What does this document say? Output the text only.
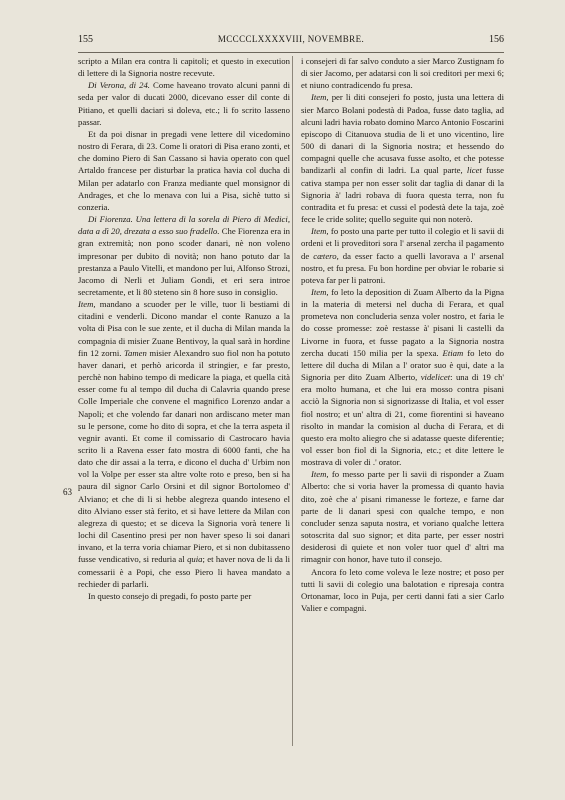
155	MCCCCLXXXXVIII, NOVEMBRE.	156
63

scripto a Milan era contra li capitoli; et questo in execution di lettere di la Signoria nostre recevute.

Di Verona, di 24. Come haveano trovato alcuni panni di seda per valor di ducati 2000, dicevano esser dil conte di Pitiano, et quelli daciari si doleva, etc.; li fo scrito lasseno passar.

Et da poi disnar in pregadi vene lettere dil vicedomino nostro di Ferara, di 23. Come li oratori di Pisa erano zonti, et che domino Piero di San Cassano si havia operato con quel Artaldo francese per disturbar la pratica havia col ducha di Milan per adatarlo con Franza mediante quel monsignor di Andrages, et che lo menava con lui a Pisa, sichè tutto si conzeria.

Di Fiorenza. Una lettera di la sorela di Piero di Medici, data a dì 20, drezata a esso suo fradello. Che Fiorenza era in gran extremità; non pono scoder danari, nè non voleno impresonar per dubito di novità; non hano potuto dar la prestanza a Paulo Vitelli, et mandono per lui, Alfonso Strozi, Jacomo di Nerli et Juliam Gondi, et eri sera introe secretamente, et li 80 steteno sin 8 hore suso in consiglio.

Item, mandano a scuoder per le ville, tuor li bestiami di citadini e venderli. Dicono mandar el conte Ranuzo a la volta di Pisa con le sue zente, et il ducha di Milan manda la compagnia di misier Zuane Bentivoy, la qual sarà in hordine fin 12 zorni. Tamen misier Alexandro suo fiol non ha potuto haver danari, et perhò aricorda il stringier, e far presto, perchè non habino tempo di medicare la piaga, et quella cità esser come fu al tempo dil ducha di Calavria quando prese Colle Imperiale che convene el magnifico Lorenzo andar a Napoli; et che volendo far danari non ardiscano meter man su le persone, come ho dito di sopra, et che la terra aspeta il vegnir avanti. Et come il comissario di Castrocaro havia scrito li a Ravena esser fato mostra di 6000 fanti, che ha dato che dir assai a la terra, e dicono el ducha d' Urbim non vol la Volpe per esser sta altre volte roto e preso, ben si ha paura dil signor Carlo Orsini et dil signor Bortolomeo d' Alviano; et che di li si hebbe alegreza quando inteseno el dito Alviano esser stà ferito, et si have lettere da Milan con alegreza di questo; et se diceva la Signoria vorà tenere li lochi dil Casentino presi per non haver speso li soi danari invano, et la terra voria chiamar Piero, et si non dubitasseno fusse vendicativo, si reduria al quia; et haver nova de li da li comessarii è a Popi, che esso Piero li havea mandato a rechieder di parlarli.

In questo consejo di pregadi, fo posto parte per

i consejeri di far salvo conduto a sier Marco Zustignam fo di sier Jacomo, per adatarsi con li soi creditori per mexi 6; et niuno contradicendo fu presa.

Item, per li diti consejeri fo posto, justa una lettera di sier Marco Bolani podestà di Padoa, fusse dato taglia, ad alcuni ladri havia robato domino Marco Antonio Foscarini episcopo di Citanuova studia de li et uno vicentino, lire 500 di danari di la Signoria nostra; et hessendo do compagni quelle che acusava fusse asolto, et che potesse bandizarli al confin di ladri. La qual parte, licet fusse cativa stampa per non esser solit dar taglia di danar di la Signoria à' ladri robava di fuora questa terra, non fu contradita et fu presa: et cussi el podestà dete la taja, zoè fece le cride solite; quello seguite qui non noterò.

Item, fo posto una parte per tutto il colegio et li savii di ordeni et li proveditori sora l' arsenal zercha il pagamento de cætero, da esser facto a quelli lavorava a l' arsenal nostro, et fu presa. Fu bon hordine per obviar le robarie si poteva far per li patroni.

Item, fo leto la deposition di Zuam Alberto da la Pigna in la materia di metersi nel ducha di Ferara, et qual prometeva non concluderia senza voler nostro, et faria le do cosse promesse: zoè restasse à' pisani li castelli da Livorne in fuora, et fusse pagato a la Signoria nostra zercha ducati 150 milia per la spexa. Etiam fo leto do lettere dil ducha di Milan a l' orator suo è qui, date a la Signoria per dito Zuam Alberto, videlicet: una di 19 ch' era molto humana, et che lui era mosso contra pisani acciò la Signoria non si signorizasse di Italia, et vol esser fiol nostro; et un' altra di 21, come fiorentini si haveano risolto in mandar la comision al ducha di Ferara, et di questo era molto aliegro che si adatasse queste diferentie; vol esser bon fiol di la Signoria, etc.; et dite lettere le mostrava di voler di .' orator.

Item, fo messo parte per li savii di risponder a Zuam Alberto: che si voria haver la promessa di quanto havia dito, zoè che a' pisani rimanesse le forteze, e farne dar parte de li danari spesi con qualche tempo, e non concluder senza saputa nostra, et voriano qualche lettera sotoscrita dal suo signor; et dita parte, per esser nostri desiderosi di quiete et non voler tuor quel d' altri ma rimagnir con honor, have tuto il consejo.

Ancora fo leto come voleva le leze nostre; et poso per tutti li savii di colegio una balotation e ripresaja contra Ortonamar, loco in Puja, per certi danni fati a sier Carlo Valier e compagni.
